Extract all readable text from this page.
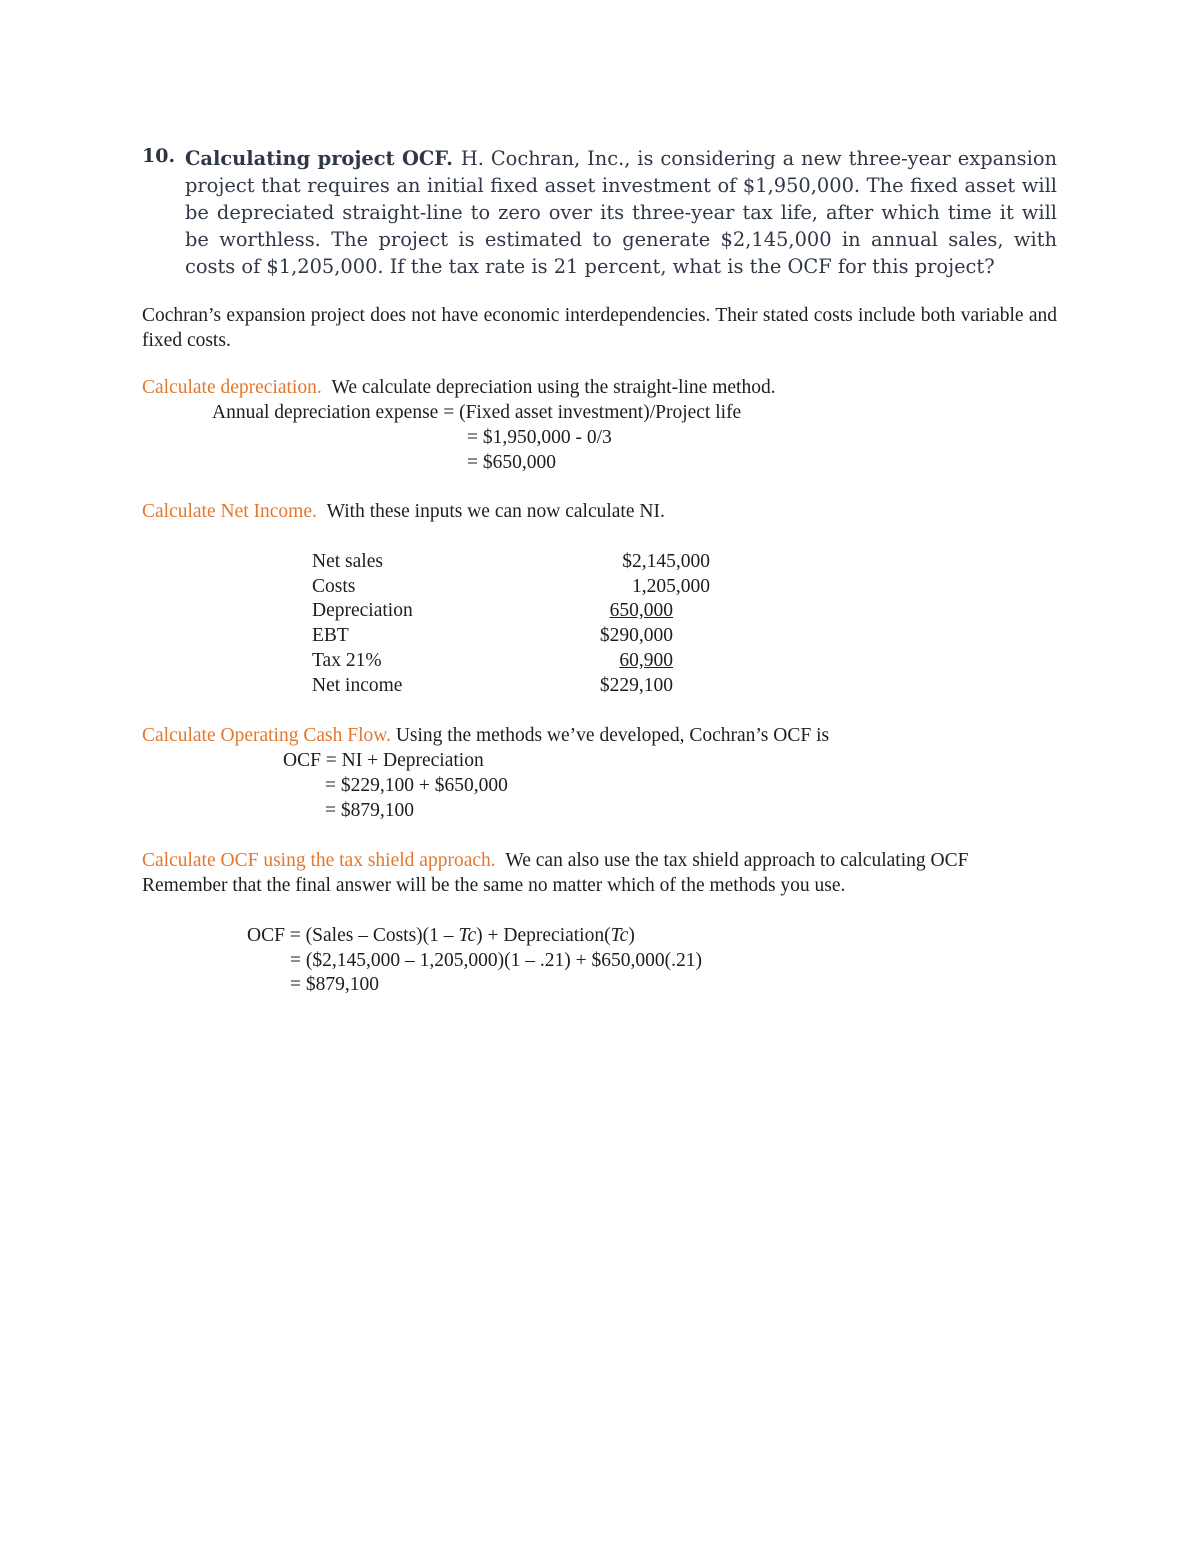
10. Calculating project OCF. H. Cochran, Inc., is considering a new three-year expansion project that requires an initial fixed asset investment of $1,950,000. The fixed asset will be depreciated straight-line to zero over its three-year tax life, after which time it will be worthless. The project is estimated to generate $2,145,000 in annual sales, with costs of $1,205,000. If the tax rate is 21 percent, what is the OCF for this project?
Cochran’s expansion project does not have economic interdependencies. Their stated costs include both variable and fixed costs.
Calculate depreciation. We calculate depreciation using the straight-line method.
Annual depreciation expense = (Fixed asset investment)/Project life
= $1,950,000 - 0/3
= $650,000
Calculate Net Income. With these inputs we can now calculate NI.
Net sales	$2,145,000
Costs	1,205,000
Depreciation	650,000
EBT	$290,000
Tax 21%	60,900
Net income	$229,100
Calculate Operating Cash Flow. Using the methods we’ve developed, Cochran’s OCF is
OCF = NI + Depreciation
= $229,100 + $650,000
= $879,100
Calculate OCF using the tax shield approach. We can also use the tax shield approach to calculating OCF
Remember that the final answer will be the same no matter which of the methods you use.
OCF = (Sales – Costs)(1 – Tc) + Depreciation(Tc)
= ($2,145,000 – 1,205,000)(1 – .21) + $650,000(.21)
= $879,100
